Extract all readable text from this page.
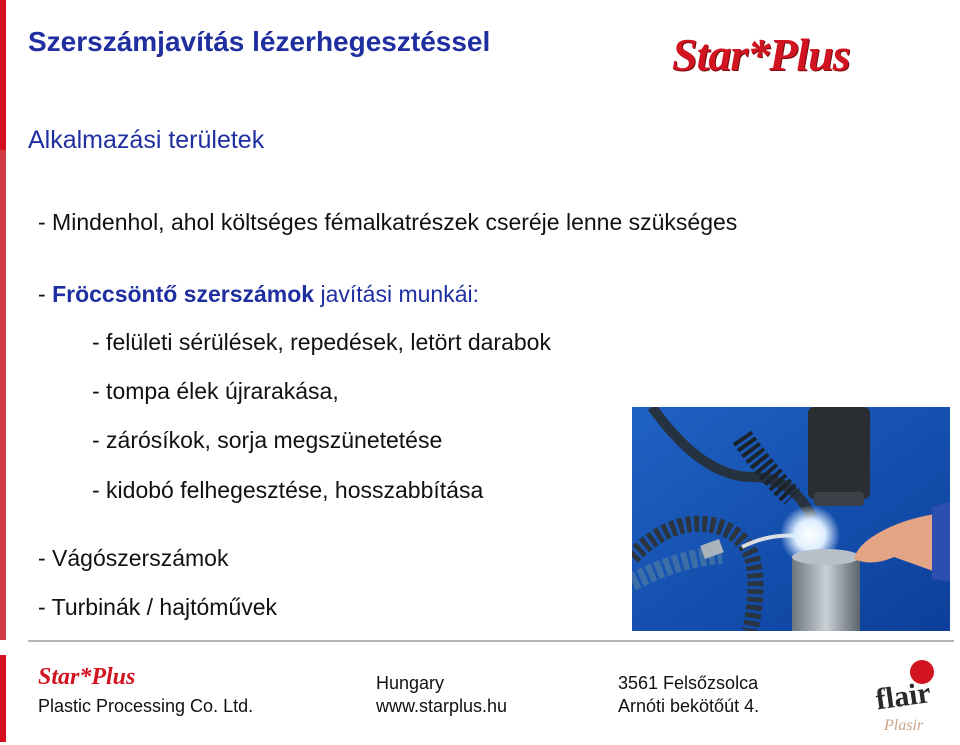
Szerszámjavítás lézerhegesztéssel	Star*Plus
Alkalmazási területek
- Mindenhol, ahol költséges fémalkatrészek cseréje lenne szükséges
- Fröccsöntő szerszámok javítási munkái:
- felületi sérülések, repedések, letört darabok
- tompa élek újrarakása,
- zárósíkok, sorja megszünetetése
- kidobó felhegesztése, hosszabbítása
- Vágószerszámok
- Turbinák / hajtóművek
Star*Plus
Plastic Processing Co. Ltd.
Hungary
www.starplus.hu
3561 Felsőzsolca
Arnóti bekötőút 4.	flair
Plasir
